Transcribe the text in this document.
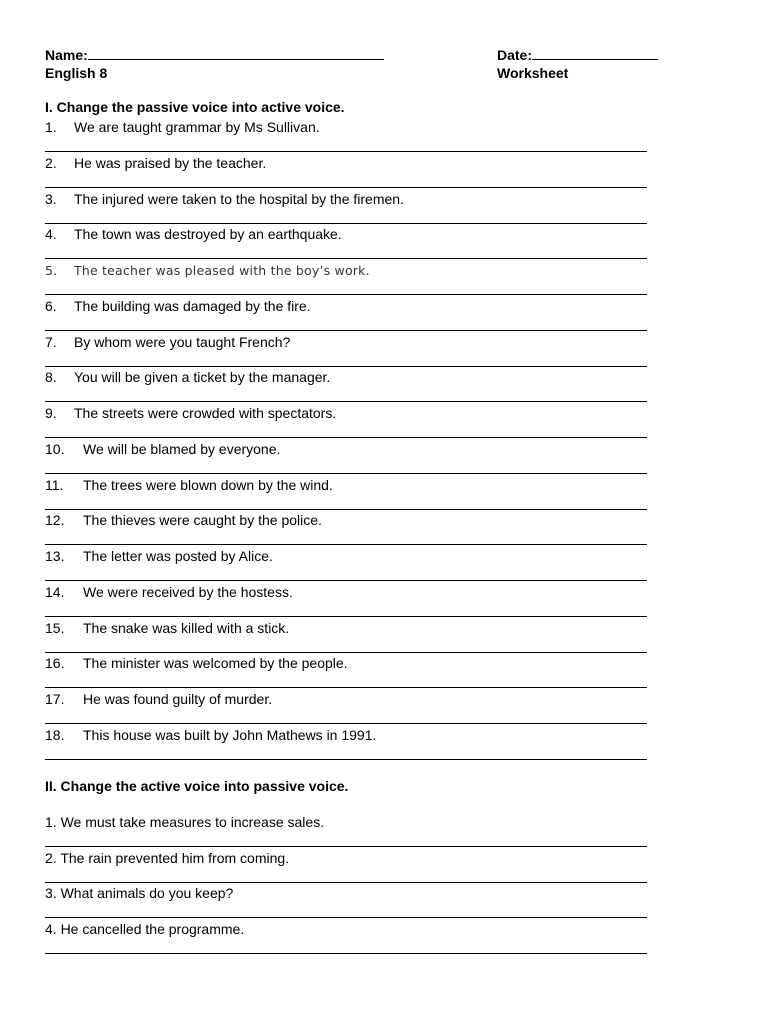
Name:	Date:
English 8	Worksheet
I. Change the passive voice into active voice.
1. We are taught grammar by Ms Sullivan.
2. He was praised by the teacher.
3. The injured were taken to the hospital by the firemen.
4. The town was destroyed by an earthquake.
5. The teacher was pleased with the boy’s work.
6. The building was damaged by the fire.
7. By whom were you taught French?
8. You will be given a ticket by the manager.
9. The streets were crowded with spectators.
10. We will be blamed by everyone.
11. The trees were blown down by the wind.
12. The thieves were caught by the police.
13. The letter was posted by Alice.
14. We were received by the hostess.
15. The snake was killed with a stick.
16. The minister was welcomed by the people.
17. He was found guilty of murder.
18. This house was built by John Mathews in 1991.
II. Change the active voice into passive voice.
1. We must take measures to increase sales.
2. The rain prevented him from coming.
3. What animals do you keep?
4. He cancelled the programme.
